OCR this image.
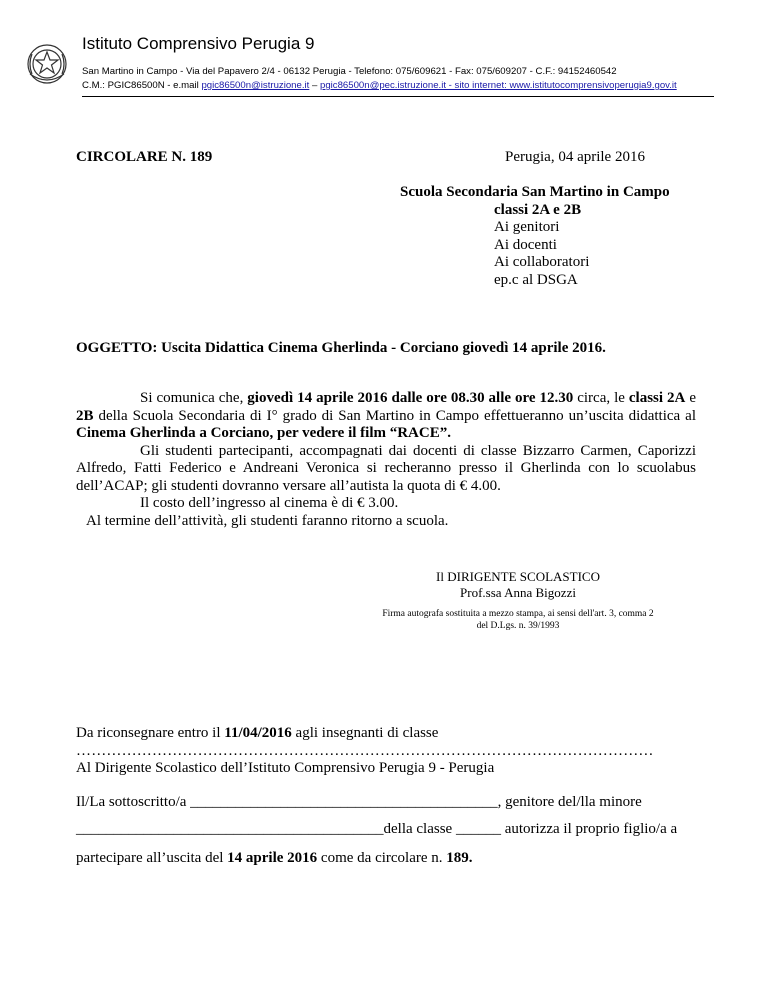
Istituto Comprensivo Perugia 9
San Martino in Campo - Via del Papavero 2/4 - 06132 Perugia - Telefono: 075/609621 - Fax: 075/609207 - C.F.: 94152460542
C.M.: PGIC86500N - e.mail pgic86500n@istruzione.it – pgic86500n@pec.istruzione.it - sito internet: www.istitutocomprensivoperugia9.gov.it
CIRCOLARE N. 189	Perugia, 04 aprile 2016
Scuola Secondaria San Martino in Campo
classi 2A e 2B
Ai genitori
Ai docenti
Ai collaboratori
ep.c al DSGA
OGGETTO: Uscita Didattica Cinema Gherlinda - Corciano giovedì 14 aprile 2016.

Si comunica che, giovedì 14 aprile 2016 dalle ore 08.30 alle ore 12.30 circa, le classi 2A e 2B della Scuola Secondaria di I° grado di San Martino in Campo effettueranno un’uscita didattica al Cinema Gherlinda a Corciano, per vedere il film “RACE”.

Gli studenti partecipanti, accompagnati dai docenti di classe Bizzarro Carmen, Caporizzi Alfredo, Fatti Federico e Andreani Veronica si recheranno presso il Gherlinda con lo scuolabus dell’ACAP; gli studenti dovranno versare all’autista la quota di € 4.00.

Il costo dell’ingresso al cinema è di € 3.00.

Al termine dell’attività, gli studenti faranno ritorno a scuola.

Il DIRIGENTE SCOLASTICO
Prof.ssa Anna Bigozzi
Firma autografa sostituita a mezzo stampa, ai sensi dell'art. 3, comma 2 del D.Lgs. n. 39/1993
Da riconsegnare entro il 11/04/2016 agli insegnanti di classe
……………………………………………………………………………………………………
Al Dirigente Scolastico dell’Istituto Comprensivo Perugia 9 - Perugia
Il/La sottoscritto/a _________________________________________, genitore del/lla minore
_________________________________________della classe ______ autorizza il proprio figlio/a a
partecipare all’uscita del 14 aprile 2016 come da circolare n. 189.
